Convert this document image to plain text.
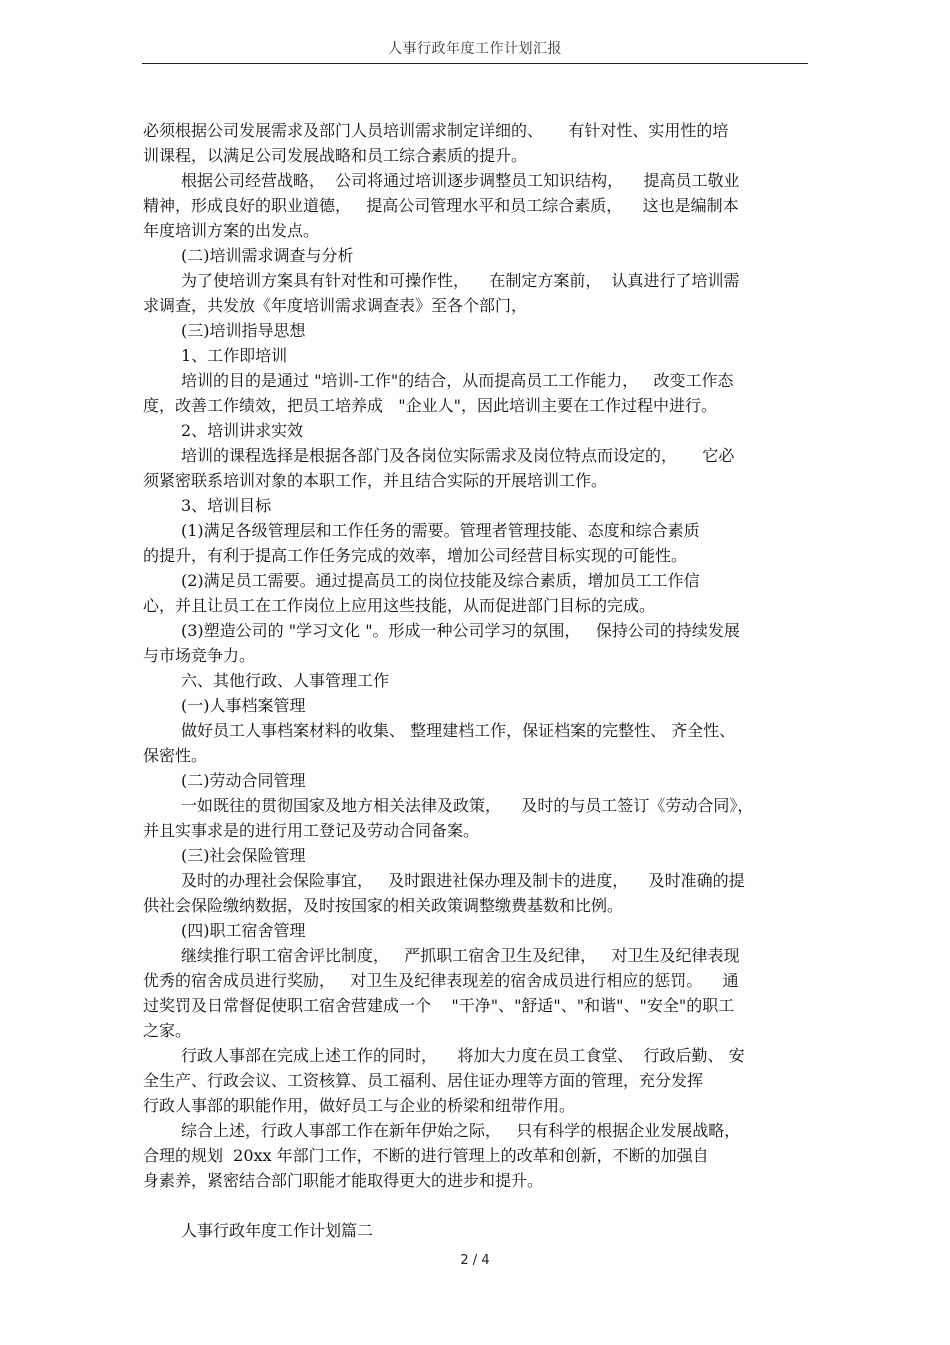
人事行政年度工作计划汇报
必须根据公司发展需求及部门人员培训需求制定详细的、     有针对性、实用性的培
训课程，以满足公司发展战略和员工综合素质的提升。
根据公司经营战略，  公司将通过培训逐步调整员工知识结构，    提高员工敬业
精神，形成良好的职业道德，   提高公司管理水平和员工综合素质，    这也是编制本
年度培训方案的出发点。
(二)培训需求调查与分析
为了使培训方案具有针对性和可操作性，    在制定方案前，  认真进行了培训需
求调查，共发放《年度培训需求调查表》至各个部门，
(三)培训指导思想
1、工作即培训
培训的目的是通过 "培训-工作"的结合，从而提高员工工作能力，   改变工作态
度，改善工作绩效，把员工培养成   "企业人"，因此培训主要在工作过程中进行。
2、培训讲求实效
培训的课程选择是根据各部门及各岗位实际需求及岗位特点而设定的，     它必
须紧密联系培训对象的本职工作，并且结合实际的开展培训工作。
3、培训目标
(1)满足各级管理层和工作任务的需要。管理者管理技能、态度和综合素质
的提升，有利于提高工作任务完成的效率，增加公司经营目标实现的可能性。
(2)满足员工需要。通过提高员工的岗位技能及综合素质，增加员工工作信
心，并且让员工在工作岗位上应用这些技能，从而促进部门目标的完成。
(3)塑造公司的 "学习文化 "。形成一种公司学习的氛围，   保持公司的持续发展
与市场竞争力。
六、其他行政、人事管理工作
(一)人事档案管理
做好员工人事档案材料的收集、 整理建档工作，保证档案的完整性、 齐全性、
保密性。
(二)劳动合同管理
一如既往的贯彻国家及地方相关法律及政策，    及时的与员工签订《劳动合同》，
并且实事求是的进行用工登记及劳动合同备案。
(三)社会保险管理
及时的办理社会保险事宜，   及时跟进社保办理及制卡的进度，    及时准确的提
供社会保险缴纳数据，及时按国家的相关政策调整缴费基数和比例。
(四)职工宿舍管理
继续推行职工宿舍评比制度，   严抓职工宿舍卫生及纪律，   对卫生及纪律表现
优秀的宿舍成员进行奖励，   对卫生及纪律表现差的宿舍成员进行相应的惩罚。    通
过奖罚及日常督促使职工宿舍营建成一个    "干净"、"舒适"、"和谐"、"安全"的职工
之家。
行政人事部在完成上述工作的同时，    将加大力度在员工食堂、  行政后勤、 安
全生产、行政会议、工资核算、员工福利、居住证办理等方面的管理，充分发挥
行政人事部的职能作用，做好员工与企业的桥梁和纽带作用。
综合上述，行政人事部工作在新年伊始之际，   只有科学的根据企业发展战略，
合理的规划  20xx 年部门工作，不断的进行管理上的改革和创新，不断的加强自
身素养，紧密结合部门职能才能取得更大的进步和提升。
人事行政年度工作计划篇二
2 / 4
